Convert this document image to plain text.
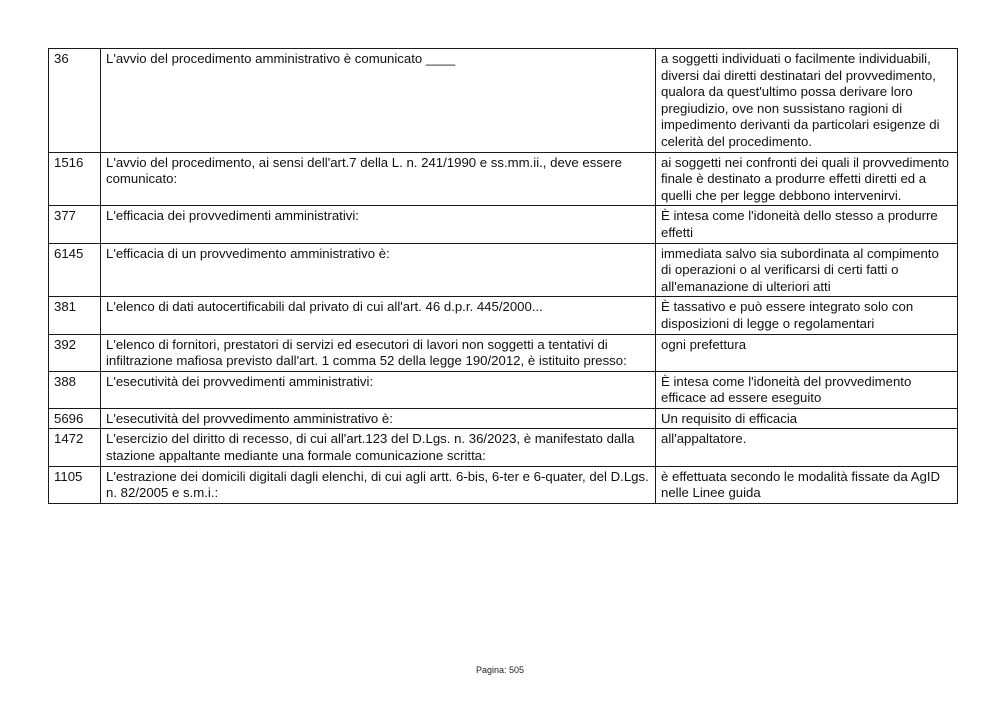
36	L'avvio del procedimento amministrativo è comunicato ____	a soggetti individuati o facilmente individuabili, diversi dai diretti destinatari del provvedimento, qualora da quest'ultimo possa derivare loro pregiudizio, ove non sussistano ragioni di impedimento derivanti da particolari esigenze di celerità del procedimento.
1516	L'avvio del procedimento, ai sensi dell'art.7 della L. n. 241/1990 e ss.mm.ii., deve essere comunicato:	ai soggetti nei confronti dei quali il provvedimento finale è destinato a produrre effetti diretti ed a quelli che per legge debbono intervenirvi.
377	L'efficacia dei provvedimenti amministrativi:	È intesa come l'idoneità dello stesso a produrre effetti
6145	L'efficacia di un provvedimento amministrativo è:	immediata salvo sia subordinata al compimento di operazioni o al verificarsi di certi fatti o all'emanazione di ulteriori atti
381	L'elenco di dati autocertificabili dal privato di cui all'art. 46 d.p.r. 445/2000...	È tassativo e può essere integrato solo con disposizioni di legge o regolamentari
392	L'elenco di fornitori, prestatori di servizi ed esecutori di lavori non soggetti a tentativi di infiltrazione mafiosa previsto dall'art. 1 comma 52 della legge 190/2012, è istituito presso:	ogni prefettura
388	L'esecutività dei provvedimenti amministrativi:	È intesa come l'idoneità del provvedimento efficace ad essere eseguito
5696	L'esecutività del provvedimento amministrativo è:	Un requisito di efficacia
1472	L'esercizio del diritto di recesso, di cui all'art.123 del D.Lgs. n. 36/2023, è manifestato dalla stazione appaltante mediante una formale comunicazione scritta:	all'appaltatore.
1105	L'estrazione dei domicili digitali dagli elenchi, di cui agli artt. 6-bis, 6-ter e 6-quater, del D.Lgs. n. 82/2005 e s.m.i.:	è effettuata secondo le modalità fissate da AgID nelle Linee guida
Pagina: 505
